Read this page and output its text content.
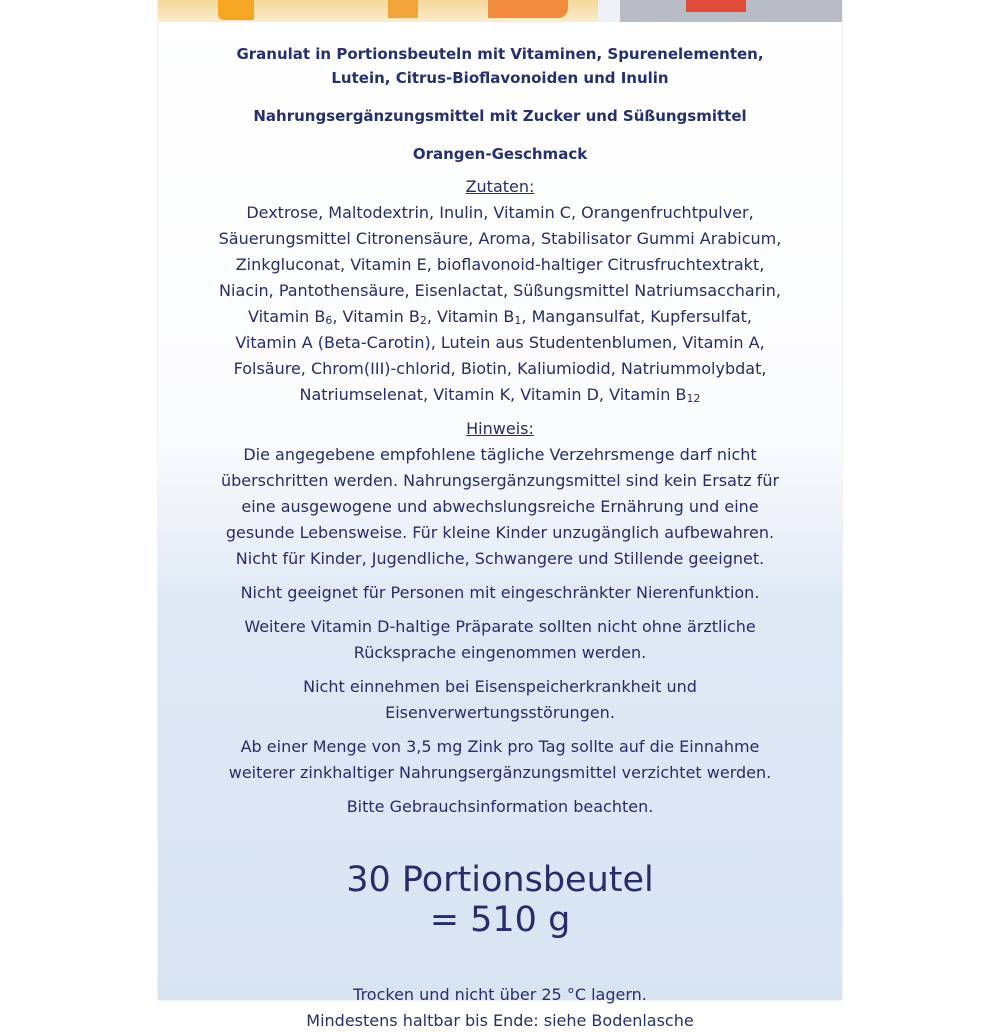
Granulat in Portionsbeuteln mit Vitaminen, Spurenelementen,
Lutein, Citrus-Bioflavonoiden und Inulin
Nahrungsergänzungsmittel mit Zucker und Süßungsmittel
Orangen-Geschmack
Zutaten:
Dextrose, Maltodextrin, Inulin, Vitamin C, Orangenfruchtpulver,
Säuerungsmittel Citronensäure, Aroma, Stabilisator Gummi Arabicum,
Zinkgluconat, Vitamin E, bioflavonoid-haltiger Citrusfruchtextrakt,
Niacin, Pantothensäure, Eisenlactat, Süßungsmittel Natriumsaccharin,
Vitamin $B_6$, Vitamin $B_2$, Vitamin $B_1$, Mangansulfat, Kupfersulfat,
Vitamin A (Beta-Carotin), Lutein aus Studentenblumen, Vitamin A,
Folsäure, Chrom(III)-chlorid, Biotin, Kaliumiodid, Natriummolybdat,
Natriumselenat, Vitamin K, Vitamin D, Vitamin $B_{12}$
Hinweis:
Die angegebene empfohlene tägliche Verzehrsmenge darf nicht
überschritten werden. Nahrungsergänzungsmittel sind kein Ersatz für
eine ausgewogene und abwechslungsreiche Ernährung und eine
gesunde Lebensweise. Für kleine Kinder unzugänglich aufbewahren.
Nicht für Kinder, Jugendliche, Schwangere und Stillende geeignet.
Nicht geeignet für Personen mit eingeschränkter Nierenfunktion.
Weitere Vitamin D-haltige Präparate sollten nicht ohne ärztliche
Rücksprache eingenommen werden.
Nicht einnehmen bei Eisenspeicherkrankheit und
Eisenverwertungsstörungen.
Ab einer Menge von 3,5 mg Zink pro Tag sollte auf die Einnahme
weiterer zinkhaltiger Nahrungsergänzungsmittel verzichtet werden.
Bitte Gebrauchsinformation beachten.
30 Portionsbeutel
= 510 g
Trocken und nicht über 25 °C lagern.
Mindestens haltbar bis Ende: siehe Bodenlasche
